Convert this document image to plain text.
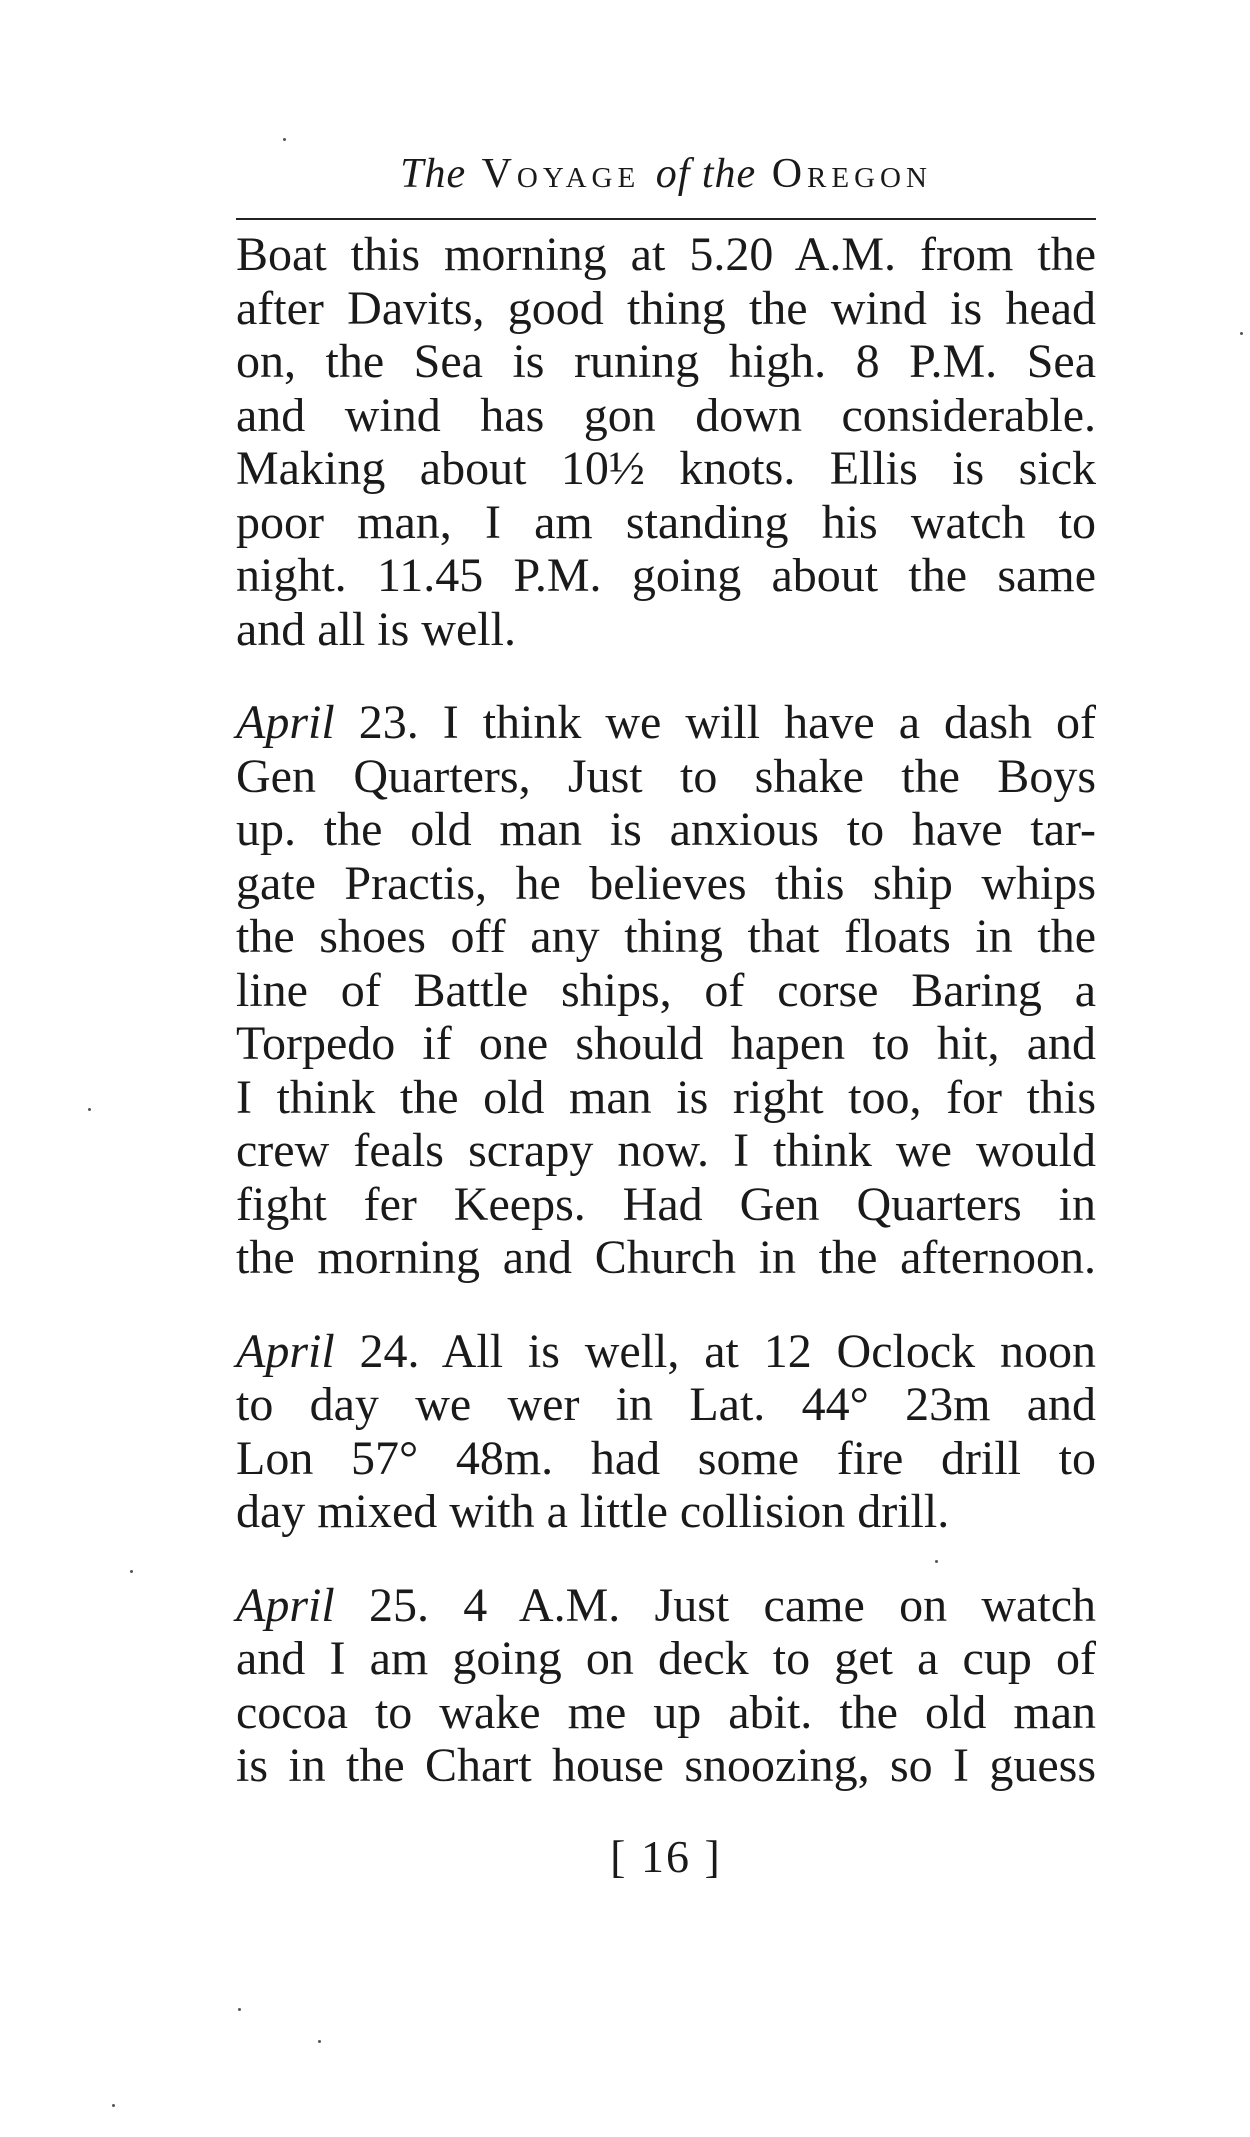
The Voyage of the Oregon
Boat this morning at 5.20 A.M. from the
after Davits, good thing the wind is head
on, the Sea is runing high. 8 P.M. Sea
and wind has gon down considerable.
Making about 10½ knots. Ellis is sick
poor man, I am standing his watch to
night. 11.45 P.M. going about the same
and all is well.
April 23. I think we will have a dash of
Gen Quarters, Just to shake the Boys
up. the old man is anxious to have tar-
gate Practis, he believes this ship whips
the shoes off any thing that floats in the
line of Battle ships, of corse Baring a
Torpedo if one should hapen to hit, and
I think the old man is right too, for this
crew feals scrapy now. I think we would
fight fer Keeps. Had Gen Quarters in
the morning and Church in the afternoon.
April 24. All is well, at 12 Oclock noon
to day we wer in Lat. 44° 23m and
Lon 57° 48m. had some fire drill to
day mixed with a little collision drill.
April 25. 4 A.M. Just came on watch
and I am going on deck to get a cup of
cocoa to wake me up abit. the old man
is in the Chart house snoozing, so I guess
[ 16 ]
